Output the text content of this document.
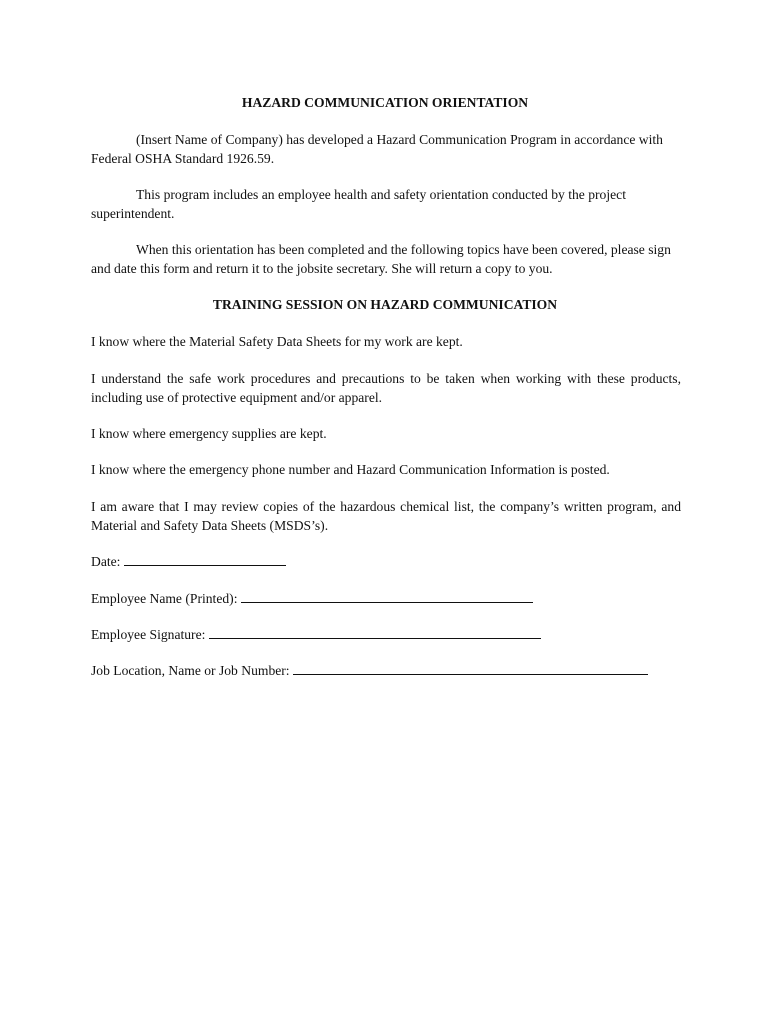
HAZARD COMMUNICATION ORIENTATION

(Insert Name of Company) has developed a Hazard Communication Program in accordance with Federal OSHA Standard 1926.59.

This program includes an employee health and safety orientation conducted by the project superintendent.

When this orientation has been completed and the following topics have been covered, please sign and date this form and return it to the jobsite secretary. She will return a copy to you.

TRAINING SESSION ON HAZARD COMMUNICATION

I know where the Material Safety Data Sheets for my work are kept.

I understand the safe work procedures and precautions to be taken when working with these products, including use of protective equipment and/or apparel.

I know where emergency supplies are kept.

I know where the emergency phone number and Hazard Communication Information is posted.

I am aware that I may review copies of the hazardous chemical list, the company’s written program, and Material and Safety Data Sheets (MSDS’s).

Date:
Employee Name (Printed):
Employee Signature:
Job Location, Name or Job Number:
